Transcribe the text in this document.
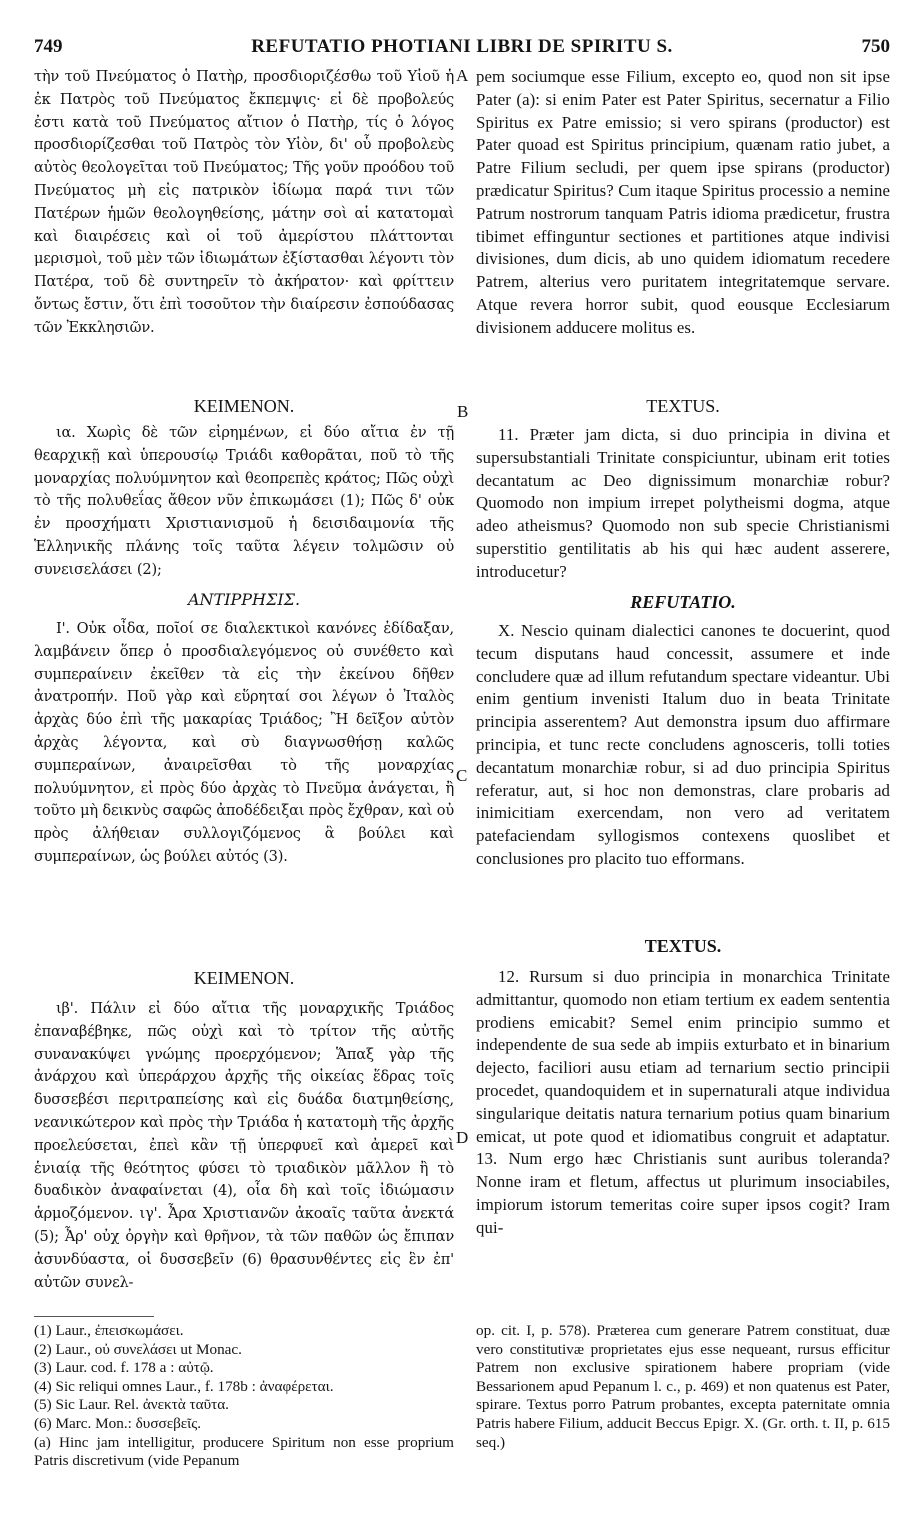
749	REFUTATIO PHOTIANI LIBRI DE SPIRITU S.	750
A
B
C
D

τὴν τοῦ Πνεύματος ὁ Πατὴρ, προσδιοριζέσθω τοῦ Υἱοῦ ἡ ἐκ Πατρὸς τοῦ Πνεύματος ἔκπεμψις· εἰ δὲ προβολεύς ἐστι κατὰ τοῦ Πνεύματος αἴτιον ὁ Πατὴρ, τίς ὁ λόγος προσδιορίζεσθαι τοῦ Πατρὸς τὸν Υἱὸν, δι' οὗ προβολεὺς αὐτὸς θεολογεῖται τοῦ Πνεύματος; Τῆς γοῦν προόδου τοῦ Πνεύματος μὴ εἰς πατρικὸν ἰδίωμα παρά τινι τῶν Πατέρων ἡμῶν θεολογηθείσης, μάτην σοὶ αἱ κατατομαὶ καὶ διαιρέσεις καὶ οἱ τοῦ ἀμερίστου πλάττονται μερισμοὶ, τοῦ μὲν τῶν ἰδιωμάτων ἐξίστασθαι λέγοντι τὸν Πατέρα, τοῦ δὲ συντηρεῖν τὸ ἀκήρατον· καὶ φρίττειν ὄντως ἔστιν, ὅτι ἐπὶ τοσοῦτον τὴν διαίρεσιν ἐσπούδασας τῶν Ἐκκλησιῶν.

ΚΕΙΜΕΝΟΝ.

ια. Χωρὶς δὲ τῶν εἰρημένων, εἰ δύο αἴτια ἐν τῇ θεαρχικῇ καὶ ὑπερουσίῳ Τριάδι καθορᾶται, ποῦ τὸ τῆς μοναρχίας πολυύμνητον καὶ θεοπρεπὲς κράτος; Πῶς οὐχὶ τὸ τῆς πολυθεΐας ἄθεον νῦν ἐπικωμάσει (1); Πῶς δ' οὐκ ἐν προσχήματι Χριστιανισμοῦ ἡ δεισιδαιμονία τῆς Ἑλληνικῆς πλάνης τοῖς ταῦτα λέγειν τολμῶσιν οὐ συνεισελάσει (2);

ΑΝΤΙΡΡΗΣΙΣ.

Ι'. Οὐκ οἶδα, ποῖοί σε διαλεκτικοὶ κανόνες ἐδίδαξαν, λαμβάνειν ὅπερ ὁ προσδιαλεγόμενος οὐ συνέθετο καὶ συμπεραίνειν ἐκεῖθεν τὰ εἰς τὴν ἐκείνου δῆθεν ἀνατροπήν. Ποῦ γὰρ καὶ εὕρηταί σοι λέγων ὁ Ἰταλὸς ἀρχὰς δύο ἐπὶ τῆς μακαρίας Τριάδος; Ἢ δεῖξον αὐτὸν ἀρχὰς λέγοντα, καὶ σὺ διαγνωσθήσῃ καλῶς συμπεραίνων, ἀναιρεῖσθαι τὸ τῆς μοναρχίας πολυύμνητον, εἰ πρὸς δύο ἀρχὰς τὸ Πνεῦμα ἀνάγεται, ἢ τοῦτο μὴ δεικνὺς σαφῶς ἀποδέδειξαι πρὸς ἔχθραν, καὶ οὐ πρὸς ἀλήθειαν συλλογιζόμενος ἃ βούλει καὶ συμπεραίνων, ὡς βούλει αὐτός (3).

ΚΕΙΜΕΝΟΝ.

ιβ'. Πάλιν εἰ δύο αἴτια τῆς μοναρχικῆς Τριάδος ἐπαναβέβηκε, πῶς οὐχὶ καὶ τὸ τρίτον τῆς αὐτῆς συνανακύψει γνώμης προερχόμενον; Ἅπαξ γὰρ τῆς ἀνάρχου καὶ ὑπεράρχου ἀρχῆς τῆς οἰκείας ἕδρας τοῖς δυσσεβέσι περιτραπείσης καὶ εἰς δυάδα διατμηθείσης, νεανικώτερον καὶ πρὸς τὴν Τριάδα ἡ κατατομὴ τῆς ἀρχῆς προελεύσεται, ἐπεὶ κἂν τῇ ὑπερφυεῖ καὶ ἀμερεῖ καὶ ἑνιαίᾳ τῆς θεότητος φύσει τὸ τριαδικὸν μᾶλλον ἢ τὸ δυαδικὸν ἀναφαίνεται (4), οἷα δὴ καὶ τοῖς ἰδιώμασιν ἁρμοζόμενον. ιγ'. Ἆρα Χριστιανῶν ἀκοαῖς ταῦτα ἀνεκτά (5); Ἆρ' οὐχ ὀργὴν καὶ θρῆνον, τὰ τῶν παθῶν ὡς ἔπιπαν ἀσυνδύαστα, οἱ δυσσεβεῖν (6) θρασυνθέντες εἰς ἓν ἐπ' αὐτῶν συνελ-

pem sociumque esse Filium, excepto eo, quod non sit ipse Pater (a): si enim Pater est Pater Spiritus, secernatur a Filio Spiritus ex Patre emissio; si vero spirans (productor) est Pater quoad est Spiritus principium, quænam ratio jubet, a Patre Filium secludi, per quem ipse spirans (productor) prædicatur Spiritus? Cum itaque Spiritus processio a nemine Patrum nostrorum tanquam Patris idioma prædicetur, frustra tibimet effinguntur sectiones et partitiones atque indivisi divisiones, dum dicis, ab uno quidem idiomatum recedere Patrem, alterius vero puritatem integritatemque servare. Atque revera horror subit, quod eousque Ecclesiarum divisionem adducere molitus es.

TEXTUS.

11. Præter jam dicta, si duo principia in divina et supersubstantiali Trinitate conspiciuntur, ubinam erit toties decantatum ac Deo dignissimum monarchiæ robur? Quomodo non impium irrepet polytheismi dogma, atque adeo atheismus? Quomodo non sub specie Christianismi superstitio gentilitatis ab his qui hæc audent asserere, introducetur?

REFUTATIO.

X. Nescio quinam dialectici canones te docuerint, quod tecum disputans haud concessit, assumere et inde concludere quæ ad illum refutandum spectare videantur. Ubi enim gentium invenisti Italum duo in beata Trinitate principia asserentem? Aut demonstra ipsum duo affirmare principia, et tunc recte concludens agnosceris, tolli toties decantatum monarchiæ robur, si ad duo principia Spiritus referatur, aut, si hoc non demonstras, clare probaris ad inimicitiam exercendam, non vero ad veritatem patefaciendam syllogismos contexens quoslibet et conclusiones pro placito tuo efformans.

TEXTUS.

12. Rursum si duo principia in monarchica Trinitate admittantur, quomodo non etiam tertium ex eadem sententia prodiens emicabit? Semel enim principio summo et independente de sua sede ab impiis exturbato et in binarium dejecto, faciliori ausu etiam ad ternarium sectio principii procedet, quandoquidem et in supernaturali atque individua singularique deitatis natura ternarium potius quam binarium emicat, ut pote quod et idiomatibus congruit et adaptatur. 13. Num ergo hæc Christianis sunt auribus toleranda? Nonne iram et fletum, affectus ut plurimum insociabiles, impiorum istorum temeritas coire super ipsos cogit? Iram qui-

(1) Laur., ἐπεισκωμάσει.
(2) Laur., οὐ συνελάσει ut Monac.
(3) Laur. cod. f. 178 a : αὐτῷ.
(4) Sic reliqui omnes Laur., f. 178b : ἀναφέρεται.
(5) Sic Laur. Rel. ἀνεκτὰ ταῦτα.
(6) Marc. Mon.: δυσσεβεῖς.
(a) Hinc jam intelligitur, producere Spiritum non esse proprium Patris discretivum (vide Pepanum
op. cit. I, p. 578). Præterea cum generare Patrem constituat, duæ vero constitutivæ proprietates ejus esse nequeant, rursus efficitur Patrem non exclusive spirationem habere propriam (vide Bessarionem apud Pepanum l. c., p. 469) et non quatenus est Pater, spirare. Textus porro Patrum probantes, excepta paternitate omnia Patris habere Filium, adducit Beccus Epigr. X. (Gr. orth. t. II, p. 615 seq.)
